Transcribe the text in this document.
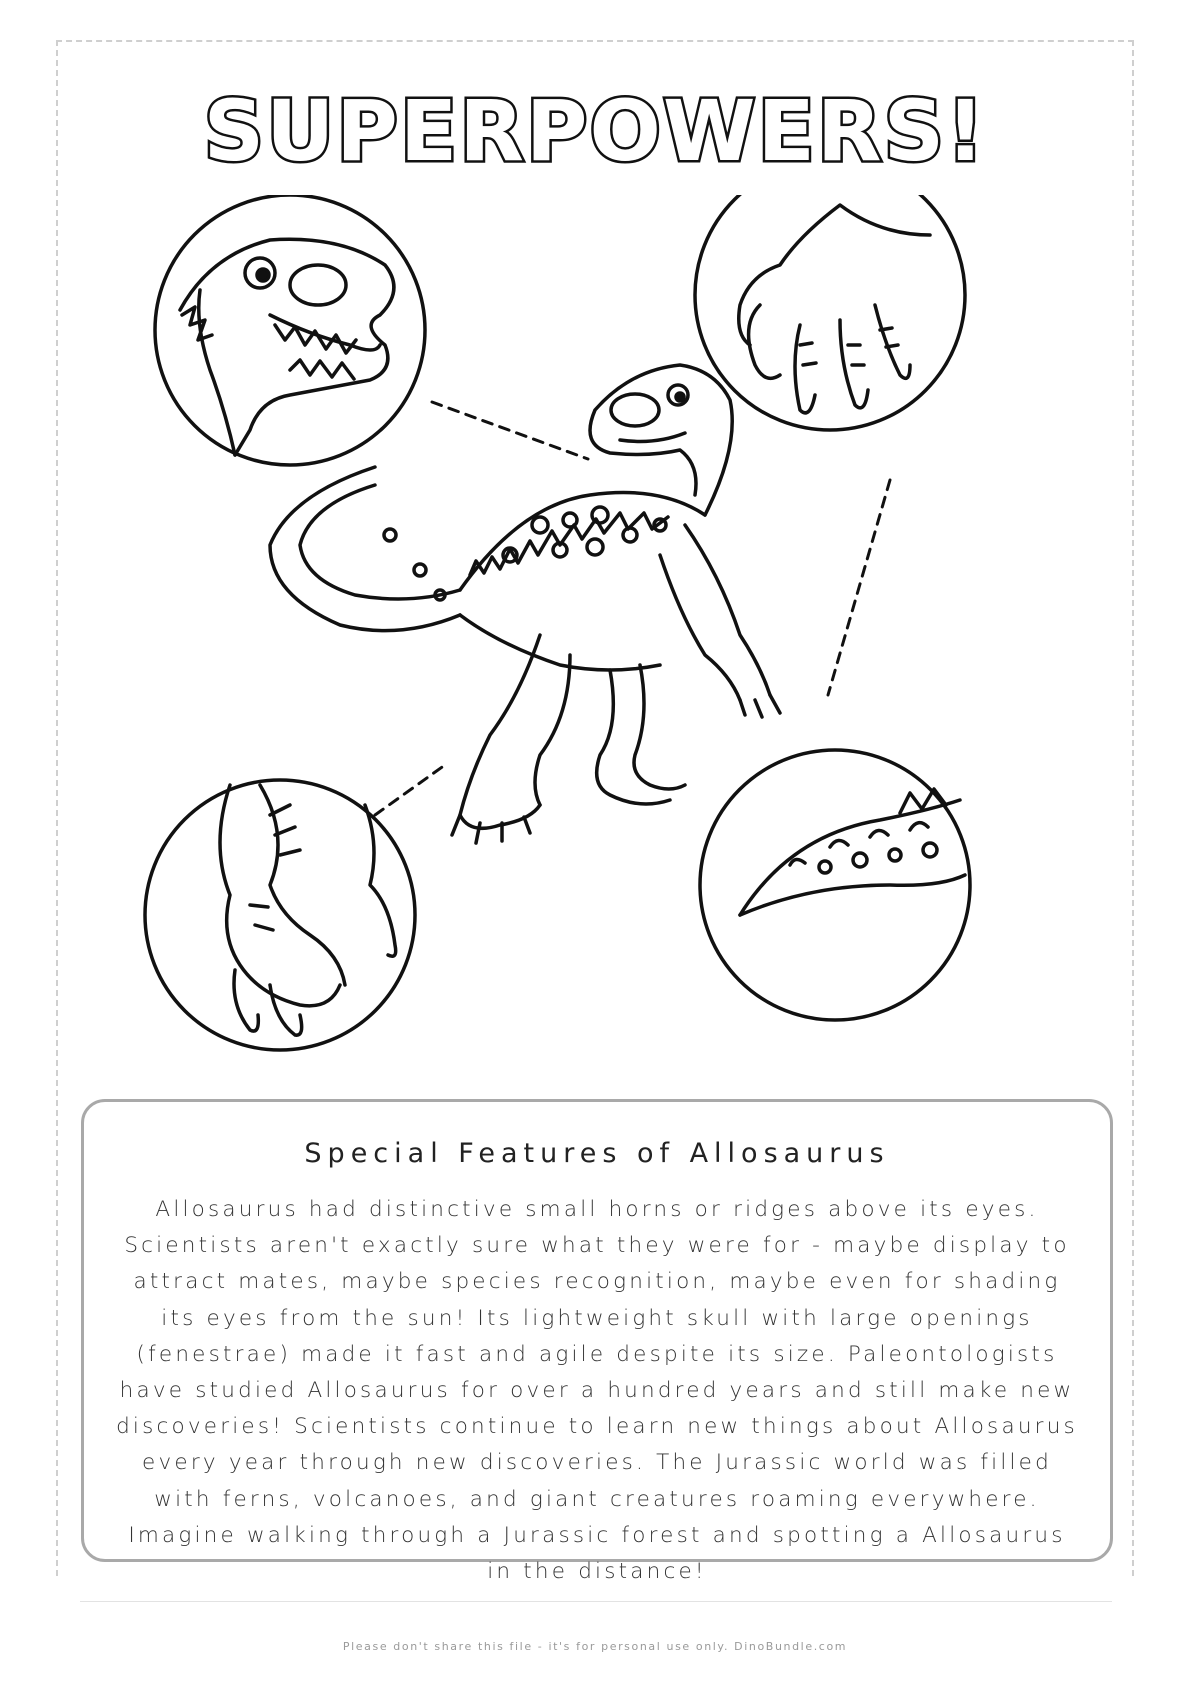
SUPERPOWERS!
Special Features of Allosaurus
Allosaurus had distinctive small horns or ridges above its eyes. Scientists aren't exactly sure what they were for - maybe display to attract mates, maybe species recognition, maybe even for shading its eyes from the sun! Its lightweight skull with large openings (fenestrae) made it fast and agile despite its size. Paleontologists have studied Allosaurus for over a hundred years and still make new discoveries! Scientists continue to learn new things about Allosaurus every year through new discoveries. The Jurassic world was filled with ferns, volcanoes, and giant creatures roaming everywhere. Imagine walking through a Jurassic forest and spotting a Allosaurus in the distance!
Please don't share this file - it's for personal use only. DinoBundle.com
